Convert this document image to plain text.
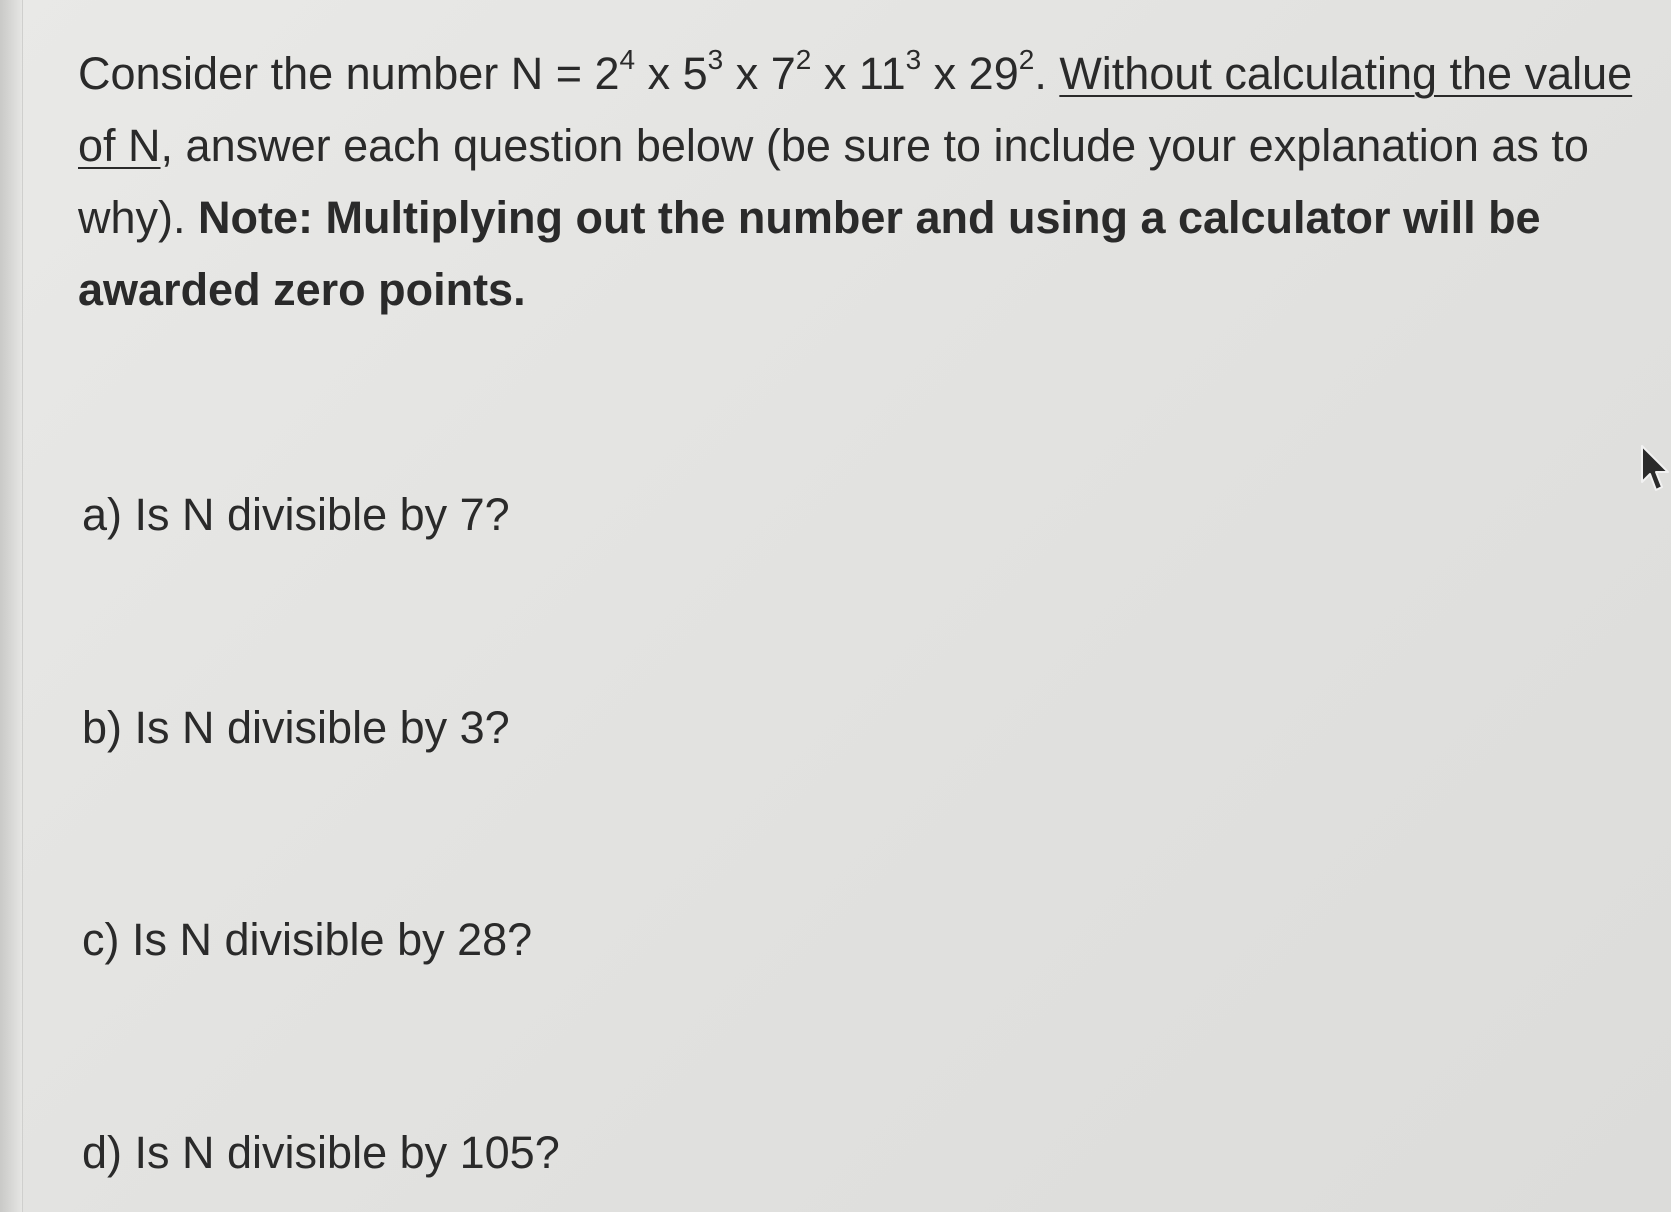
Consider the number $N = 2^4$ x $5^3$ x $7^2$ x $11^3$ x $29^2$. Without calculating the value of N, answer each question below (be sure to include your explanation as to why). Note: Multiplying out the number and using a calculator will be awarded zero points.

a) Is N divisible by 7?

b) Is N divisible by 3?

c) Is N divisible by 28?

d) Is N divisible by 105?
